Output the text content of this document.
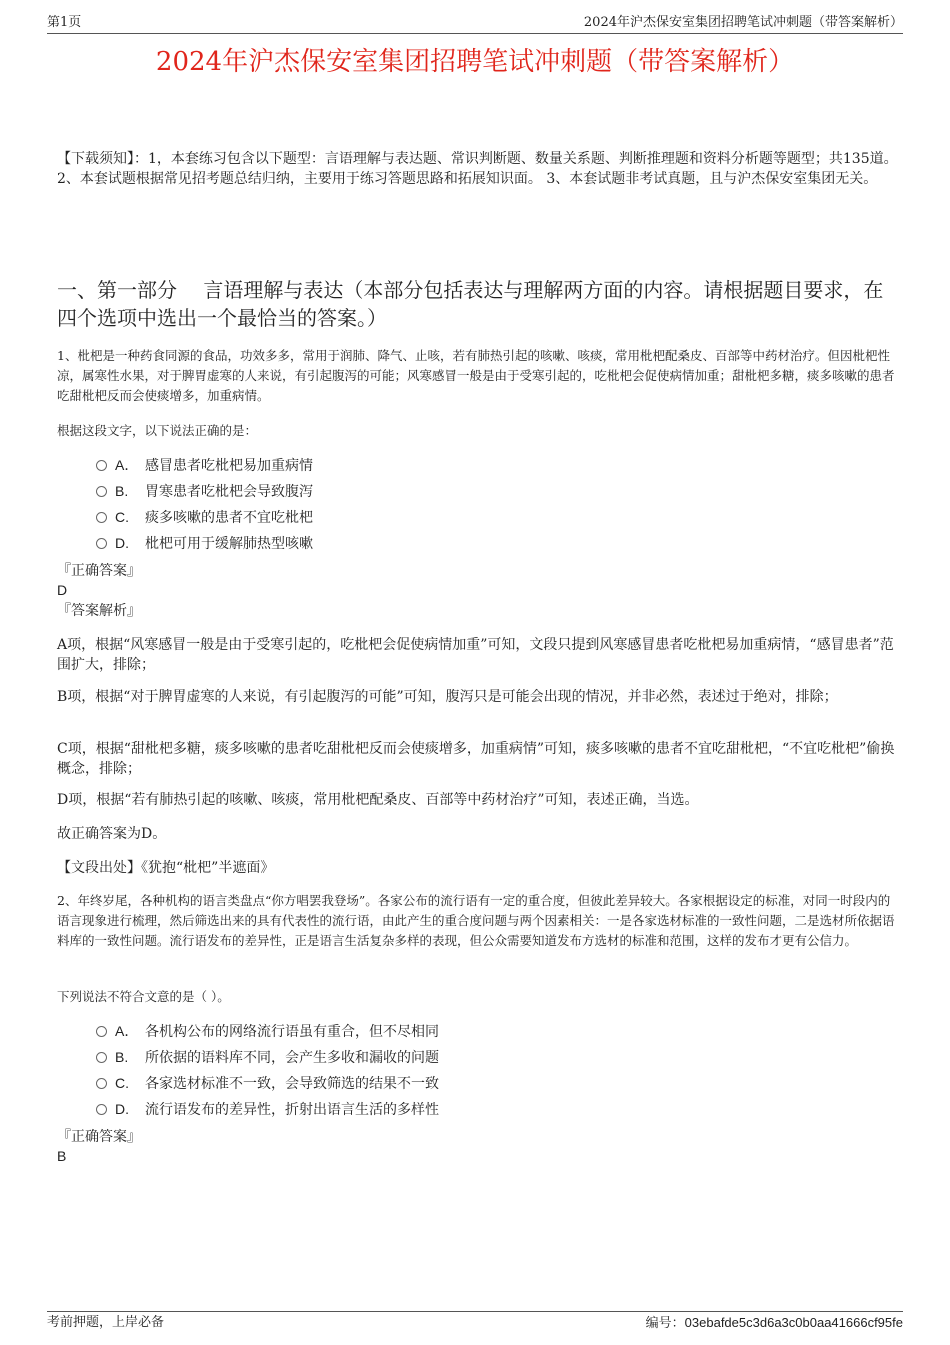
第1页	2024年沪杰保安室集团招聘笔试冲刺题（带答案解析）
2024年沪杰保安室集团招聘笔试冲刺题（带答案解析）
【下载须知】：1，本套练习包含以下题型：言语理解与表达题、常识判断题、数量关系题、判断推理题和资料分析题等题型；共135道。 2、本套试题根据常见招考题总结归纳，主要用于练习答题思路和拓展知识面。 3、本套试题非考试真题，且与沪杰保安室集团无关。
一、第一部分　 言语理解与表达（本部分包括表达与理解两方面的内容。请根据题目要求，在四个选项中选出一个最恰当的答案。）
1、枇杷是一种药食同源的食品，功效多多，常用于润肺、降气、止咳，若有肺热引起的咳嗽、咳痰，常用枇杷配桑皮、百部等中药材治疗。但因枇杷性凉，属寒性水果，对于脾胃虚寒的人来说，有引起腹泻的可能；风寒感冒一般是由于受寒引起的，吃枇杷会促使病情加重；甜枇杷多糖，痰多咳嗽的患者吃甜枇杷反而会使痰增多，加重病情。
根据这段文字，以下说法正确的是：
A． 感冒患者吃枇杷易加重病情
B. 胃寒患者吃枇杷会导致腹泻
C. 痰多咳嗽的患者不宜吃枇杷
D. 枇杷可用于缓解肺热型咳嗽
『正确答案』
D
『答案解析』
A项，根据“风寒感冒一般是由于受寒引起的，吃枇杷会促使病情加重”可知，文段只提到风寒感冒患者吃枇杷易加重病情，“感冒患者”范围扩大，排除；
B项，根据“对于脾胃虚寒的人来说，有引起腹泻的可能”可知，腹泻只是可能会出现的情况，并非必然，表述过于绝对，排除；
C项，根据“甜枇杷多糖，痰多咳嗽的患者吃甜枇杷反而会使痰增多，加重病情”可知，痰多咳嗽的患者不宜吃甜枇杷，“不宜吃枇杷”偷换概念，排除；
D项，根据“若有肺热引起的咳嗽、咳痰，常用枇杷配桑皮、百部等中药材治疗”可知，表述正确，当选。
故正确答案为D。
【文段出处】《犹抱“枇杷”半遮面》
2、年终岁尾，各种机构的语言类盘点“你方唱罢我登场”。各家公布的流行语有一定的重合度，但彼此差异较大。各家根据设定的标准，对同一时段内的语言现象进行梳理，然后筛选出来的具有代表性的流行语，由此产生的重合度问题与两个因素相关：一是各家选材标准的一致性问题，二是选材所依据语料库的一致性问题。流行语发布的差异性，正是语言生活复杂多样的表现，但公众需要知道发布方选材的标准和范围，这样的发布才更有公信力。
下列说法不符合文意的是（ ）。
A． 各机构公布的网络流行语虽有重合，但不尽相同
B. 所依据的语料库不同，会产生多收和漏收的问题
C. 各家选材标准不一致，会导致筛选的结果不一致
D. 流行语发布的差异性，折射出语言生活的多样性
『正确答案』
B
考前押题，上岸必备	编号：03ebafde5c3d6a3c0b0aa41666cf95fe
